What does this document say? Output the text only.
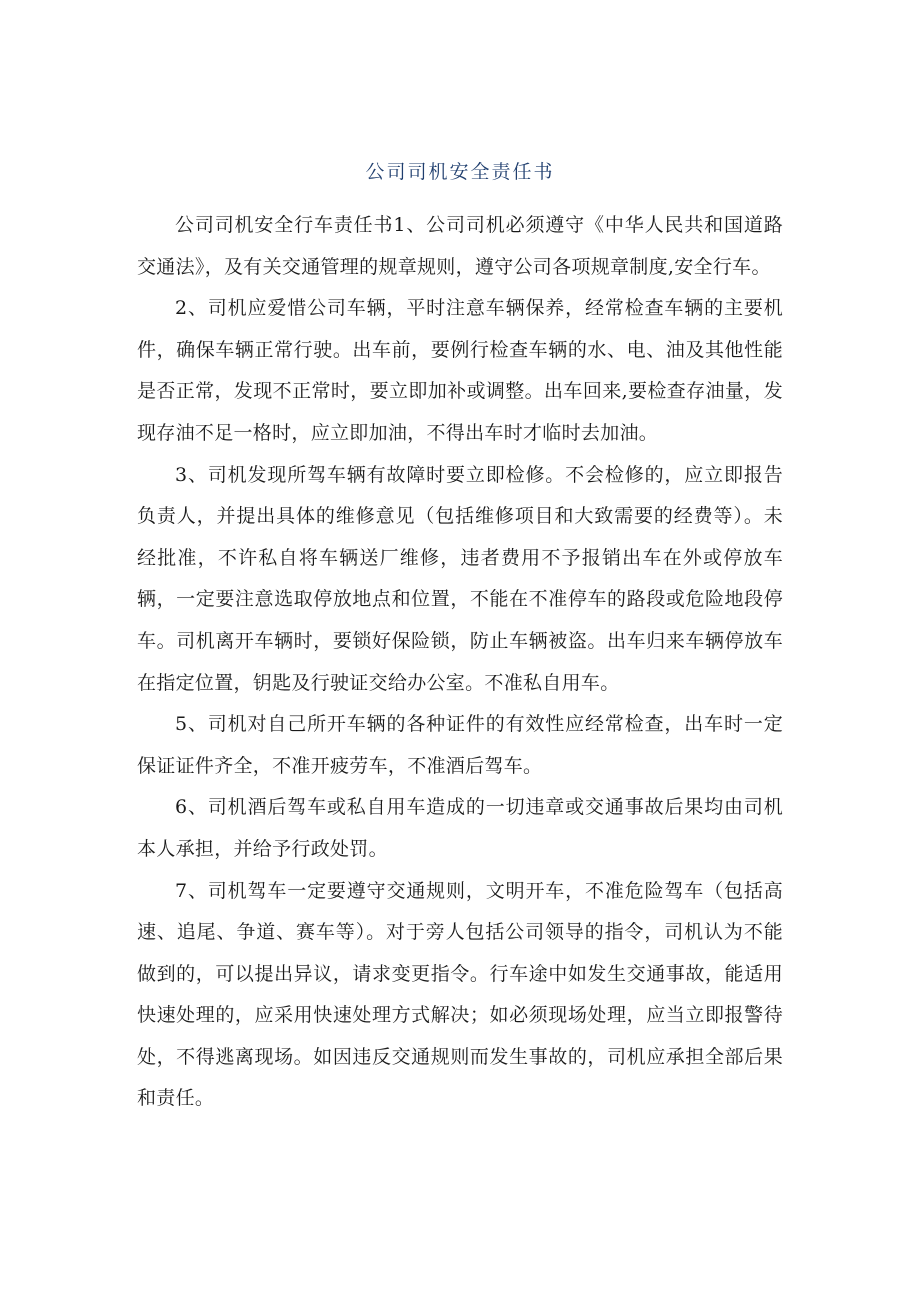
公司司机安全责任书

公司司机安全行车责任书1、公司司机必须遵守《中华人民共和国道路交通法》，及有关交通管理的规章规则，遵守公司各项规章制度,安全行车。

2、司机应爱惜公司车辆，平时注意车辆保养，经常检查车辆的主要机件，确保车辆正常行驶。出车前，要例行检查车辆的水、电、油及其他性能是否正常，发现不正常时，要立即加补或调整。出车回来,要检查存油量，发现存油不足一格时，应立即加油，不得出车时才临时去加油。

3、司机发现所驾车辆有故障时要立即检修。不会检修的，应立即报告负责人，并提出具体的维修意见（包括维修项目和大致需要的经费等）。未经批准，不许私自将车辆送厂维修，违者费用不予报销出车在外或停放车辆，一定要注意选取停放地点和位置，不能在不准停车的路段或危险地段停车。司机离开车辆时，要锁好保险锁，防止车辆被盗。出车归来车辆停放车在指定位置，钥匙及行驶证交给办公室。不准私自用车。

5、司机对自己所开车辆的各种证件的有效性应经常检查，出车时一定保证证件齐全，不准开疲劳车，不准酒后驾车。

6、司机酒后驾车或私自用车造成的一切违章或交通事故后果均由司机本人承担，并给予行政处罚。

7、司机驾车一定要遵守交通规则，文明开车，不准危险驾车（包括高速、追尾、争道、赛车等）。对于旁人包括公司领导的指令，司机认为不能做到的，可以提出异议，请求变更指令。行车途中如发生交通事故，能适用快速处理的，应采用快速处理方式解决；如必须现场处理，应当立即报警待处，不得逃离现场。如因违反交通规则而发生事故的，司机应承担全部后果和责任。
